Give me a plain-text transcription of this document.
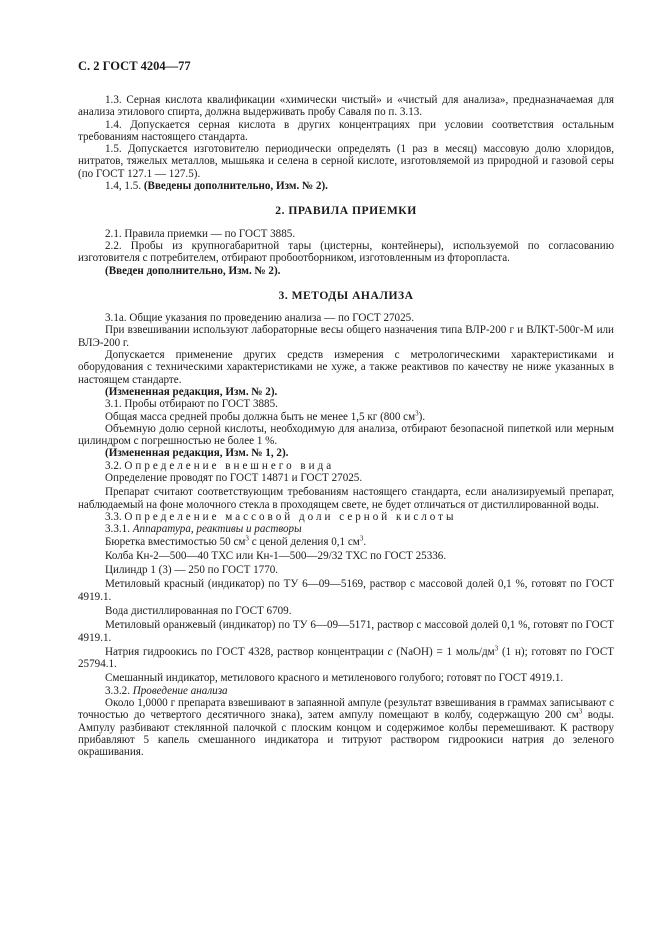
С. 2 ГОСТ 4204—77

1.3. Серная кислота квалификации «химически чистый» и «чистый для анализа», предназначаемая для анализа этилового спирта, должна выдерживать пробу Саваля по п. 3.13.

1.4. Допускается серная кислота в других концентрациях при условии соответствия остальным требованиям настоящего стандарта.

1.5. Допускается изготовителю периодически определять (1 раз в месяц) массовую долю хлоридов, нитратов, тяжелых металлов, мышьяка и селена в серной кислоте, изготовляемой из природной и газовой серы (по ГОСТ 127.1 — 127.5).

1.4, 1.5. (Введены дополнительно, Изм. № 2).

2. ПРАВИЛА ПРИЕМКИ

2.1. Правила приемки — по ГОСТ 3885.

2.2. Пробы из крупногабаритной тары (цистерны, контейнеры), используемой по согласованию изготовителя с потребителем, отбирают пробоотборником, изготовленным из фторопласта.

(Введен дополнительно, Изм. № 2).

3. МЕТОДЫ АНАЛИЗА

3.1а. Общие указания по проведению анализа — по ГОСТ 27025.

При взвешивании используют лабораторные весы общего назначения типа ВЛР-200 г и ВЛКТ-500г-М или ВЛЭ-200 г.

Допускается применение других средств измерения с метрологическими характеристиками и оборудования с техническими характеристиками не хуже, а также реактивов по качеству не ниже указанных в настоящем стандарте.

(Измененная редакция, Изм. № 2).

3.1. Пробы отбирают по ГОСТ 3885.

Общая масса средней пробы должна быть не менее 1,5 кг (800 $см^3$).

Объемную долю серной кислоты, необходимую для анализа, отбирают безопасной пипеткой или мерным цилиндром с погрешностью не более 1 %.

(Измененная редакция, Изм. № 1, 2).

3.2. Определение внешнего вида

Определение проводят по ГОСТ 14871 и ГОСТ 27025.

Препарат считают соответствующим требованиям настоящего стандарта, если анализируемый препарат, наблюдаемый на фоне молочного стекла в проходящем свете, не будет отличаться от дистиллированной воды.

3.3. Определение массовой доли серной кислоты

3.3.1. Аппаратура, реактивы и растворы

Бюретка вместимостью 50 $см^3$ с ценой деления 0,1 $см^3$.

Колба Кн-2—500—40 ТХС или Кн-1—500—29/32 ТХС по ГОСТ 25336.

Цилиндр 1 (3) — 250 по ГОСТ 1770.

Метиловый красный (индикатор) по ТУ 6—09—5169, раствор с массовой долей 0,1 %, готовят по ГОСТ 4919.1.

Вода дистиллированная по ГОСТ 6709.

Метиловый оранжевый (индикатор) по ТУ 6—09—5171, раствор с массовой долей 0,1 %, готовят по ГОСТ 4919.1.

Натрия гидроокись по ГОСТ 4328, раствор концентрации c (NaOH) = 1 моль/$дм^3$ (1 н); готовят по ГОСТ 25794.1.

Смешанный индикатор, метилового красного и метиленового голубого; готовят по ГОСТ 4919.1.

3.3.2. Проведение анализа

Около 1,0000 г препарата взвешивают в запаянной ампуле (результат взвешивания в граммах записывают с точностью до четвертого десятичного знака), затем ампулу помещают в колбу, содержащую 200 $см^3$ воды. Ампулу разбивают стеклянной палочкой с плоским концом и содержимое колбы перемешивают. К раствору прибавляют 5 капель смешанного индикатора и титруют раствором гидроокиси натрия до зеленого окрашивания.
